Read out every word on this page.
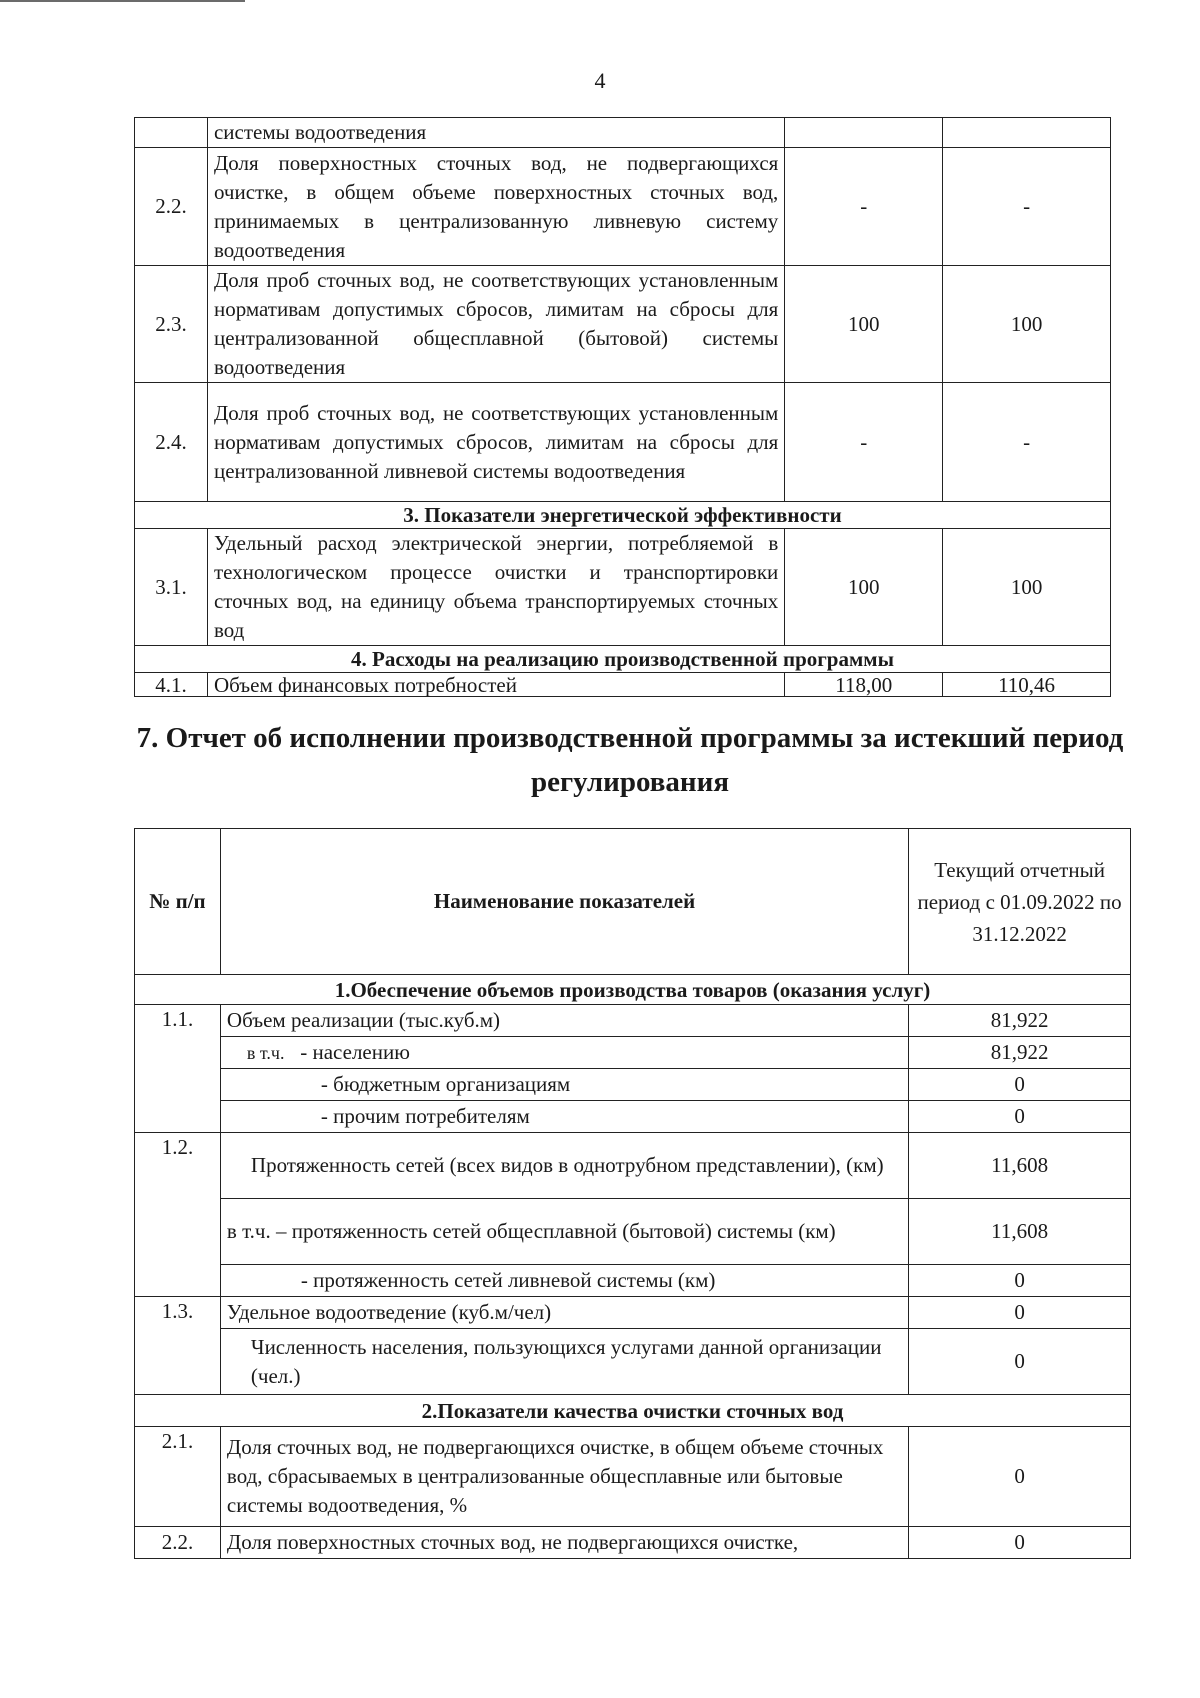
4
	системы водоотведения		
2.2.	Доля поверхностных сточных вод, не подвергающихся очистке, в общем объеме поверхностных сточных вод, принимаемых в централизованную ливневую систему водоотведения	-	-
2.3.	Доля проб сточных вод, не соответствующих установленным нормативам допустимых сбросов, лимитам на сбросы для централизованной общесплавной (бытовой) системы водоотведения	100	100
2.4.	Доля проб сточных вод, не соответствующих установленным нормативам допустимых сбросов, лимитам на сбросы для централизованной ливневой системы водоотведения	-	-
3. Показатели энергетической эффективности			
3.1.	Удельный расход электрической энергии, потребляемой в технологическом процессе очистки и транспортировки сточных вод, на единицу объема транспортируемых сточных вод	100	100
4. Расходы на реализацию производственной программы			
4.1.	Объем финансовых потребностей	118,00	110,46
7. Отчет об исполнении производственной программы за истекший период регулирования
№ п/п	Наименование показателей	Текущий отчетный период с 01.09.2022 по 31.12.2022
1.Обеспечение объемов производства товаров (оказания услуг)		
1.1.	Объем реализации (тыс.куб.м)	81,922
	в т.ч. - населению	81,922
	- бюджетным организациям	0
	- прочим потребителям	0
1.2.	Протяженность сетей (всех видов в однотрубном представлении), (км)	11,608
	в т.ч. – протяженность сетей общесплавной (бытовой) системы (км)	11,608
	- протяженность сетей ливневой системы (км)	0
1.3.	Удельное водоотведение (куб.м/чел)	0
	Численность населения, пользующихся услугами данной организации (чел.)	0
2.Показатели качества очистки сточных вод		
2.1.	Доля сточных вод, не подвергающихся очистке, в общем объеме сточных вод, сбрасываемых в централизованные общесплавные или бытовые системы водоотведения, %	0
2.2.	Доля поверхностных сточных вод, не подвергающихся очистке,	0
